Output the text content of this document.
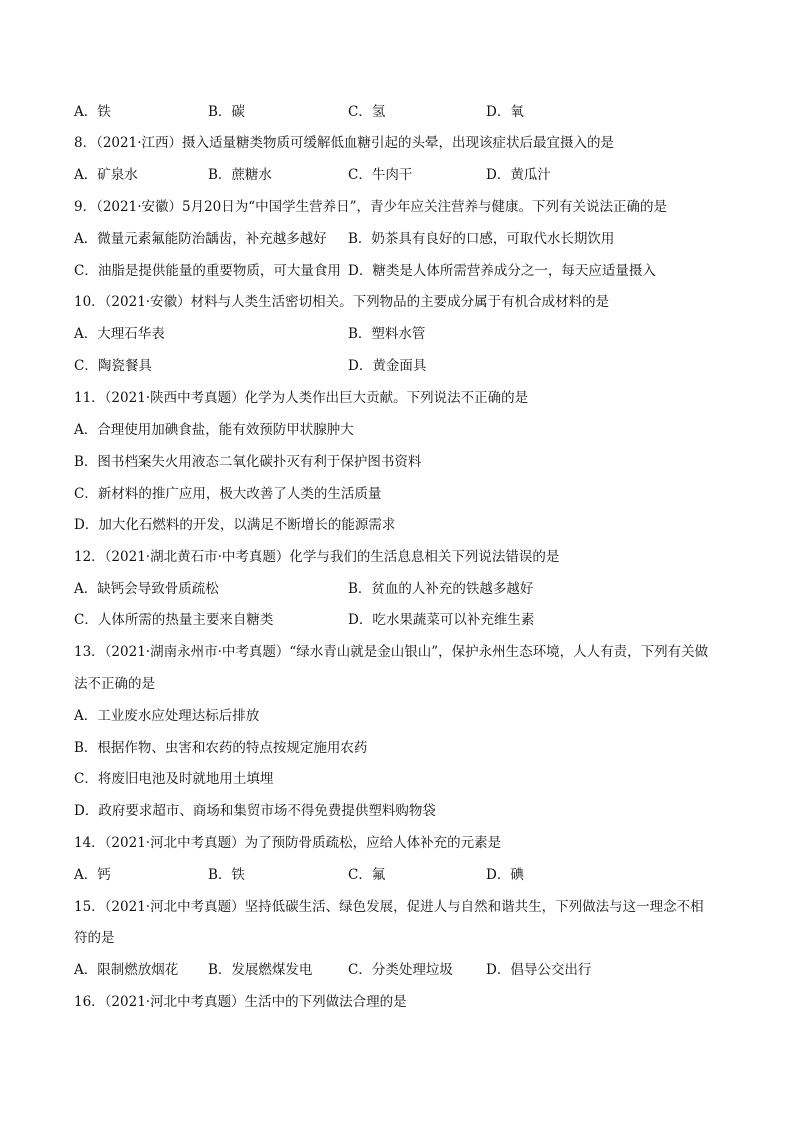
A．铁	B．碳	C．氢	D．氧
8．（2021·江西）摄入适量糖类物质可缓解低血糖引起的头晕，出现该症状后最宜摄入的是
A．矿泉水	B．蔗糖水	C．牛肉干	D．黄瓜汁
9．（2021·安徽）5月20日为“中国学生营养日”，青少年应关注营养与健康。下列有关说法正确的是
A．微量元素氟能防治龋齿，补充越多越好 B．奶茶具有良好的口感，可取代水长期饮用
C．油脂是提供能量的重要物质，可大量食用 D．糖类是人体所需营养成分之一，每天应适量摄入
10．（2021·安徽）材料与人类生活密切相关。下列物品的主要成分属于有机合成材料的是
A．大理石华表	B．塑料水管
C．陶瓷餐具	D．黄金面具
11．（2021·陕西中考真题）化学为人类作出巨大贡献。下列说法不正确的是
A．合理使用加碘食盐，能有效预防甲状腺肿大
B．图书档案失火用液态二氧化碳扑灭有利于保护图书资料
C．新材料的推广应用，极大改善了人类的生活质量
D．加大化石燃料的开发，以满足不断增长的能源需求
12．（2021·湖北黄石市·中考真题）化学与我们的生活息息相关下列说法错误的是
A．缺钙会导致骨质疏松	B．贫血的人补充的铁越多越好
C．人体所需的热量主要来自糖类	D．吃水果蔬菜可以补充维生素
13．（2021·湖南永州市·中考真题）“绿水青山就是金山银山”，保护永州生态环境，人人有责，下列有关做
法不正确的是
A．工业废水应处理达标后排放
B．根据作物、虫害和农药的特点按规定施用农药
C．将废旧电池及时就地用土填埋
D．政府要求超市、商场和集贸市场不得免费提供塑料购物袋
14．（2021·河北中考真题）为了预防骨质疏松，应给人体补充的元素是
A．钙	B．铁	C．氟	D．碘
15．（2021·河北中考真题）坚持低碳生活、绿色发展，促进人与自然和谐共生，下列做法与这一理念不相
符的是
A．限制燃放烟花 B．发展燃煤发电	C．分类处理垃圾 D．倡导公交出行
16．（2021·河北中考真题）生活中的下列做法合理的是
